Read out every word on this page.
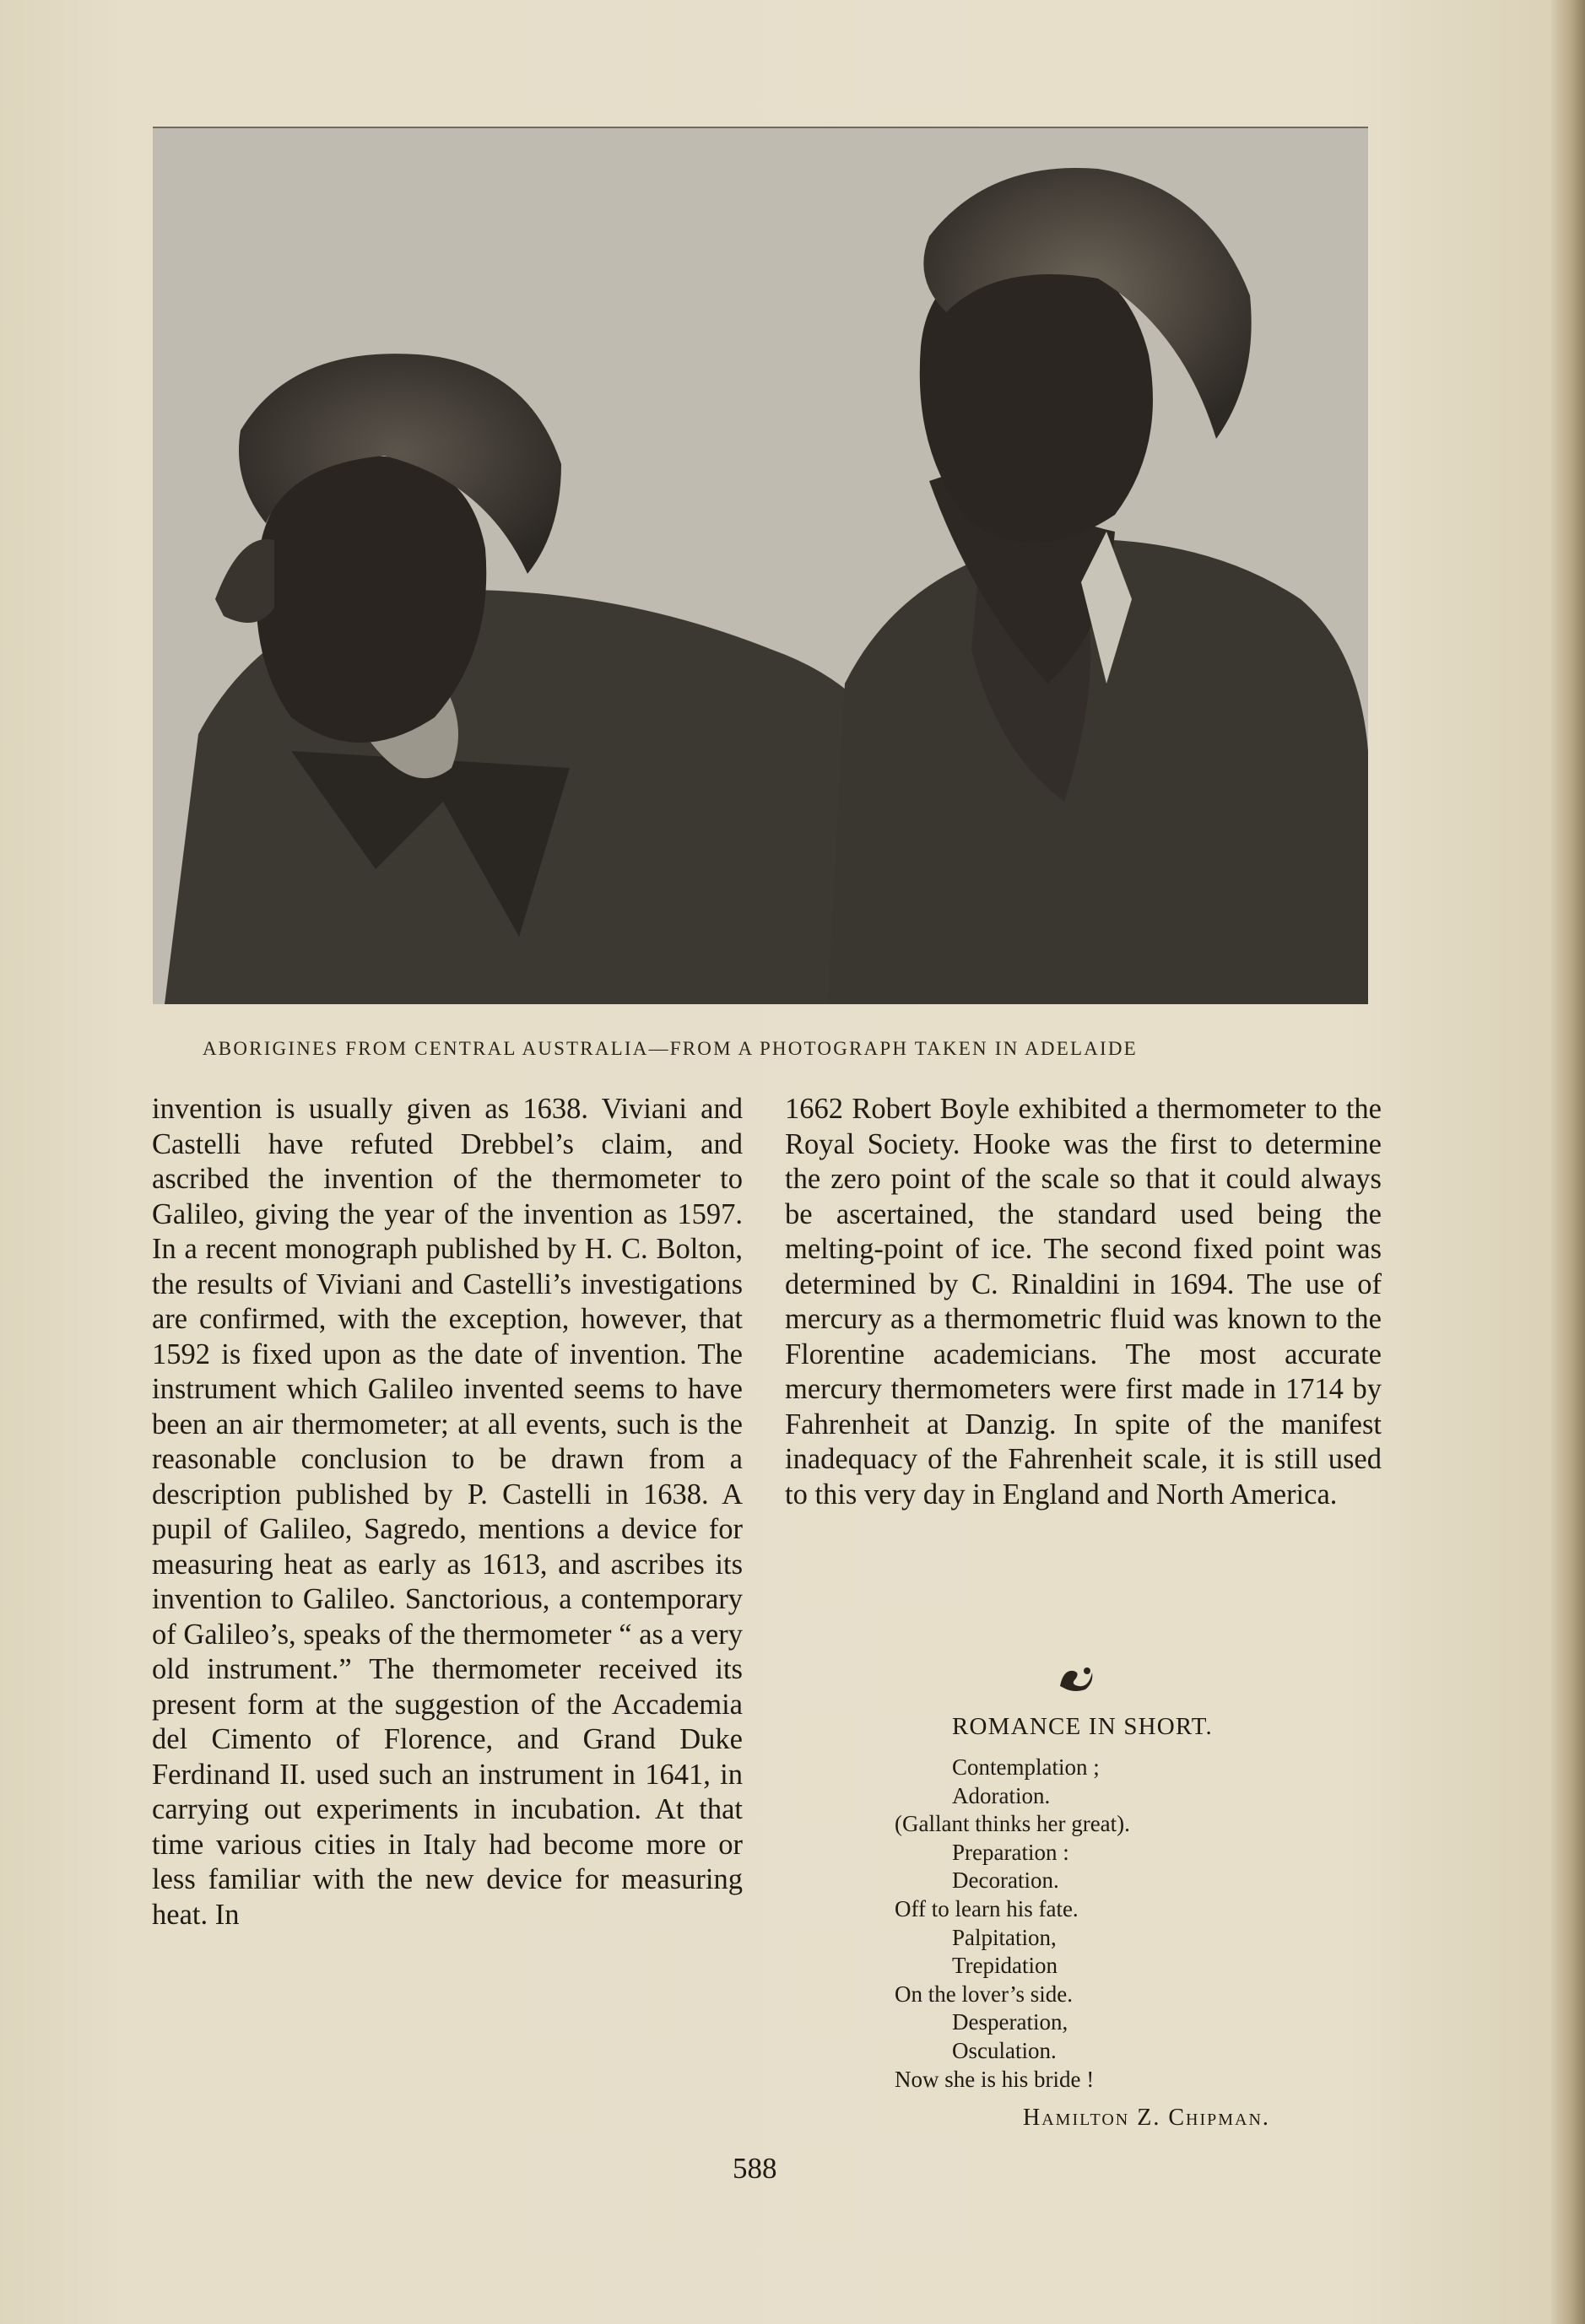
ABORIGINES FROM CENTRAL AUSTRALIA—FROM A PHOTOGRAPH TAKEN IN ADELAIDE

invention is usually given as 1638. Viviani and Castelli have refuted Drebbel’s claim, and ascribed the invention of the thermometer to Galileo, giving the year of the invention as 1597. In a recent monograph published by H. C. Bolton, the results of Viviani and Castelli’s investigations are confirmed, with the exception, however, that 1592 is fixed upon as the date of invention. The instrument which Galileo invented seems to have been an air thermometer; at all events, such is the reasonable conclusion to be drawn from a description published by P. Castelli in 1638. A pupil of Galileo, Sagredo, mentions a device for measuring heat as early as 1613, and ascribes its invention to Galileo. Sanctorious, a contemporary of Galileo’s, speaks of the thermometer “ as a very old instrument.” The thermometer received its present form at the suggestion of the Accademia del Cimento of Florence, and Grand Duke Ferdinand II. used such an instrument in 1641, in carrying out experiments in incubation. At that time various cities in Italy had become more or less familiar with the new device for measuring heat. In

1662 Robert Boyle exhibited a thermometer to the Royal Society. Hooke was the first to determine the zero point of the scale so that it could always be ascertained, the standard used being the melting-point of ice. The second fixed point was determined by C. Rinaldini in 1694. The use of mercury as a thermometric fluid was known to the Florentine academicians. The most accurate mercury thermometers were first made in 1714 by Fahrenheit at Danzig. In spite of the manifest inadequacy of the Fahrenheit scale, it is still used to this very day in England and North America.

ROMANCE IN SHORT.
Contemplation ;
Adoration.
(Gallant thinks her great).
Preparation :
Decoration.
Off to learn his fate.
Palpitation,
Trepidation
On the lover’s side.
Desperation,
Osculation.
Now she is his bride !
Hamilton Z. Chipman.
588
